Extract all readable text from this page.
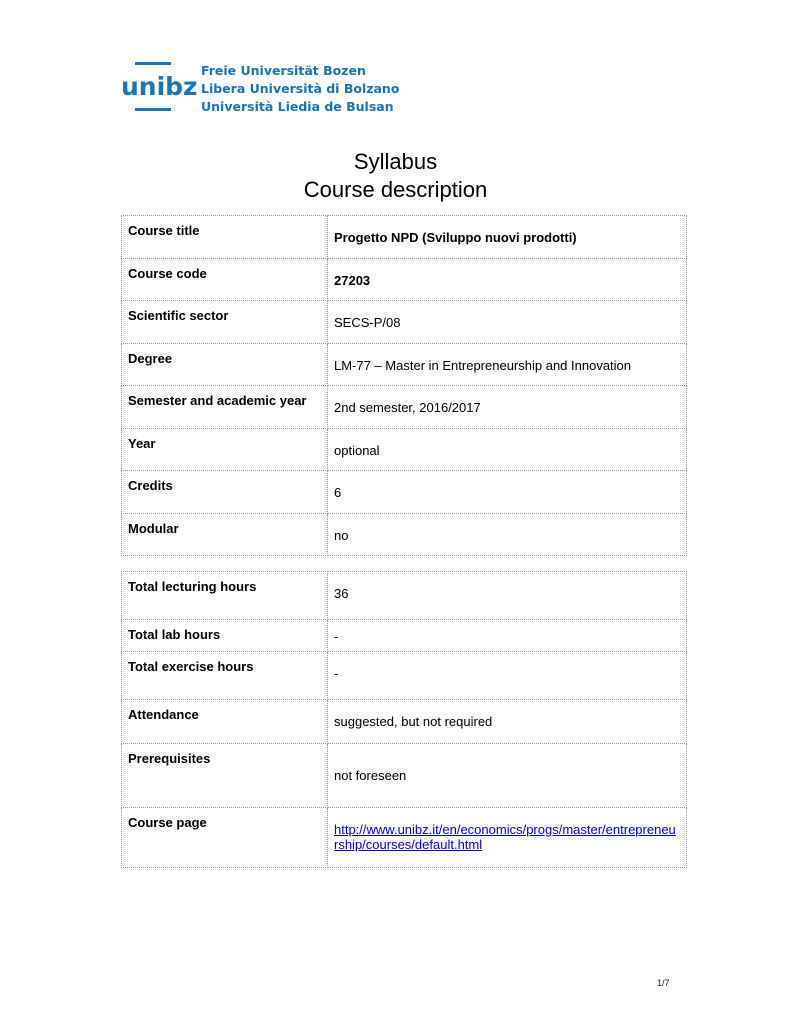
unibz
Freie Universität Bozen
Libera Università di Bolzano
Università Liedia de Bulsan
Syllabus
Course description
Course title	Progetto NPD (Sviluppo nuovi prodotti)
Course code	27203
Scientific sector	SECS-P/08
Degree	LM-77 – Master in Entrepreneurship and Innovation
Semester and academic year	2nd semester, 2016/2017
Year	optional
Credits	6
Modular	no
Total lecturing hours	36
Total lab hours	-
Total exercise hours	-
Attendance	suggested, but not required
Prerequisites	not foreseen
Course page	http://www.unibz.it/en/economics/progs/master/entrepreneurship/courses/default.html
1/7
